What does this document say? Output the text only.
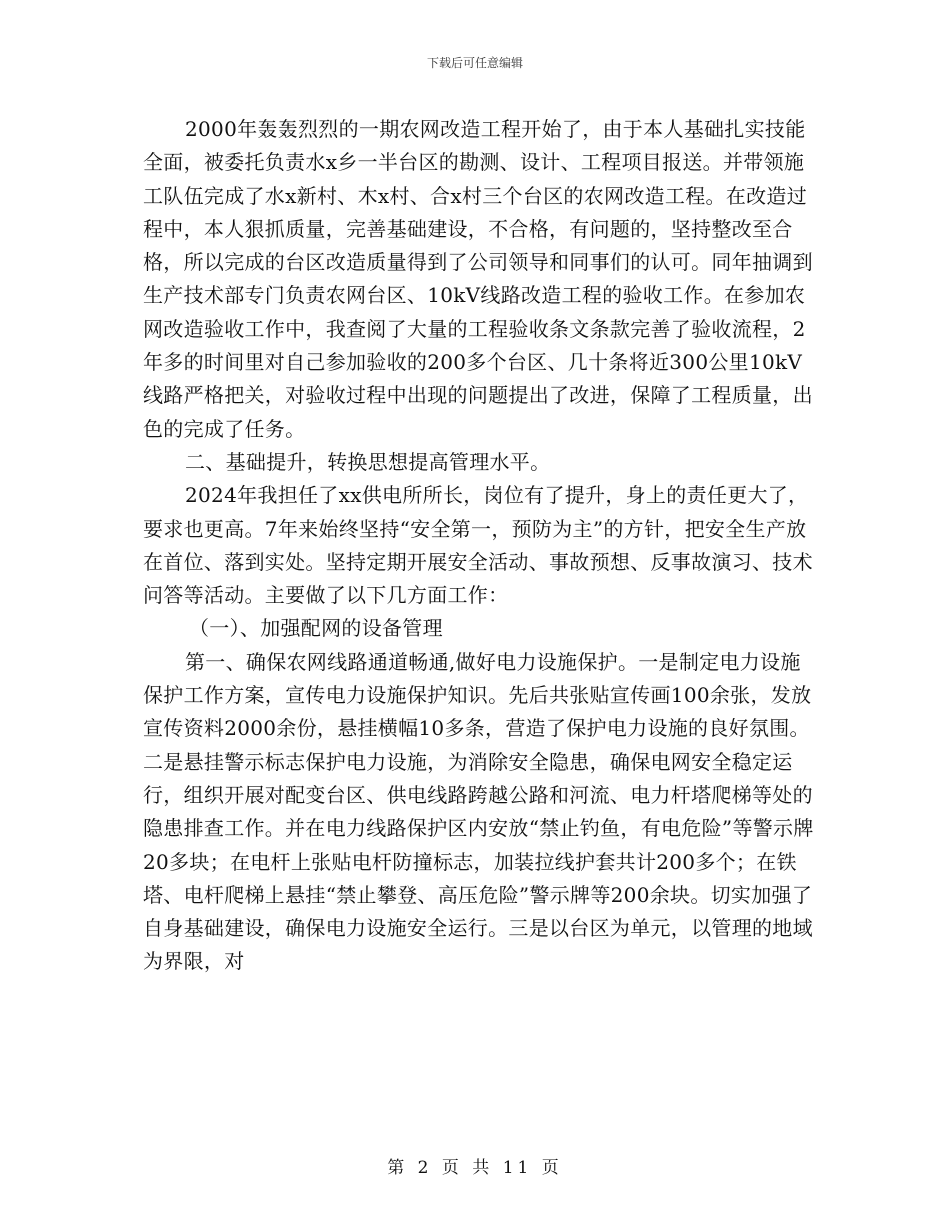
下载后可任意编辑

2000年轰轰烈烈的一期农网改造工程开始了，由于本人基础扎实技能全面，被委托负责水x乡一半台区的勘测、设计、工程项目报送。并带领施工队伍完成了水x新村、木x村、合x村三个台区的农网改造工程。在改造过程中，本人狠抓质量，完善基础建设，不合格，有问题的，坚持整改至合格，所以完成的台区改造质量得到了公司领导和同事们的认可。同年抽调到生产技术部专门负责农网台区、10kV线路改造工程的验收工作。在参加农网改造验收工作中，我查阅了大量的工程验收条文条款完善了验收流程，2年多的时间里对自己参加验收的200多个台区、几十条将近300公里10kV线路严格把关，对验收过程中出现的问题提出了改进，保障了工程质量，出色的完成了任务。

二、基础提升，转换思想提高管理水平。

2024年我担任了xx供电所所长，岗位有了提升，身上的责任更大了，要求也更高。7年来始终坚持“安全第一，预防为主”的方针，把安全生产放在首位、落到实处。坚持定期开展安全活动、事故预想、反事故演习、技术问答等活动。主要做了以下几方面工作：

（一）、加强配网的设备管理

第一、确保农网线路通道畅通,做好电力设施保护。一是制定电力设施保护工作方案，宣传电力设施保护知识。先后共张贴宣传画100余张，发放宣传资料2000余份，悬挂横幅10多条，营造了保护电力设施的良好氛围。二是悬挂警示标志保护电力设施，为消除安全隐患，确保电网安全稳定运行，组织开展对配变台区、供电线路跨越公路和河流、电力杆塔爬梯等处的隐患排查工作。并在电力线路保护区内安放“禁止钓鱼，有电危险”等警示牌20多块；在电杆上张贴电杆防撞标志，加装拉线护套共计200多个；在铁塔、电杆爬梯上悬挂“禁止攀登、高压危险”警示牌等200余块。切实加强了自身基础建设，确保电力设施安全运行。三是以台区为单元，以管理的地域为界限，对

第 2 页 共 11 页
